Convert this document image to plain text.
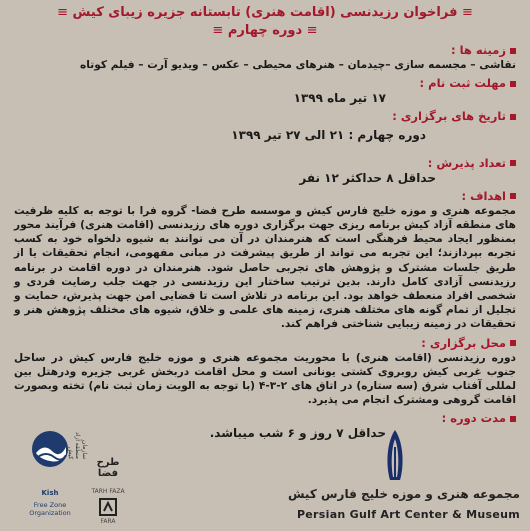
≡ فراخوان رزیدنسی (اقامت هنری) تابستانه جزیره زیبای کیش ≡
≡ دوره چهارم ≡
زمینه ها :
نقاشی – مجسمه سازی –چیدمان – هنرهای محیطی – عکس – ویدیو آرت – فیلم کوتاه
مهلت ثبت نام :
۱۷ تیر ماه ۱۳۹۹
تاریخ های برگزاری :
دوره چهارم : ۲۱ الی ۲۷ تیر ۱۳۹۹
تعداد پذیرش :
حداقل ۸ حداکثر ۱۲ نفر
اهداف :
مجموعه هنری و موزه خلیج فارس کیش و موسسه طرح فضا- گروه فرا با توجه به کلیه ظرفیت های منطقه آزاد کیش برنامه ریزی جهت برگزاری دوره های رزیدنسی (اقامت هنری) فرآیند محور بمنظور ایجاد محیط فرهنگی است که هنرمندان در آن می توانند به شیوه دلخواه خود به کسب تجربه بپردازند؛ این تجربه می تواند از طریق پیشرفت در مبانی مفهومی، انجام تحقیقات یا از طریق جلسات مشترک و پژوهش های تجربی حاصل شود. هنرمندان در دوره اقامت در برنامه رزیدنسی آزادی کامل دارند. بدین ترتیب ساختار این رزیدنسی در جهت جلب رضایت فردی و شخصی افراد منعطف خواهد بود. این برنامه در تلاش است تا فضایی امن جهت پذیرش، حمایت و تجلیل از تمام گونه های مختلف هنری، زمینه های علمی و خلاق، شیوه های مختلف پژوهش هنر و تحقیقات در زمینه زیبایی شناختی فراهم کند.
محل برگزاری :
دوره رزیدنسی (اقامت هنری) با محوریت مجموعه هنری و موزه خلیج فارس کیش در ساحل جنوب غربی کیش روبروی کشتی یونانی است و محل اقامت دربخش غربی جزیره ودرهتل بین لمللی آفتاب شرق (سه ستاره) در اتاق های ۲-۳-۴ (با توجه به الویت زمان ثبت نام) تخته وبصورت اقامت گروهی ومشترک انجام می پذیرد.
مدت دوره :
حداقل ۷ روز و ۶ شب میباشد.
مجموعه هنری و موزه خلیج فارس کیش
Persian Gulf Art Center & Museum
سازمان منطقه آزاد کیش
Kish
Free Zone Organization
طرح فضا
TARH FAZA
FARA
